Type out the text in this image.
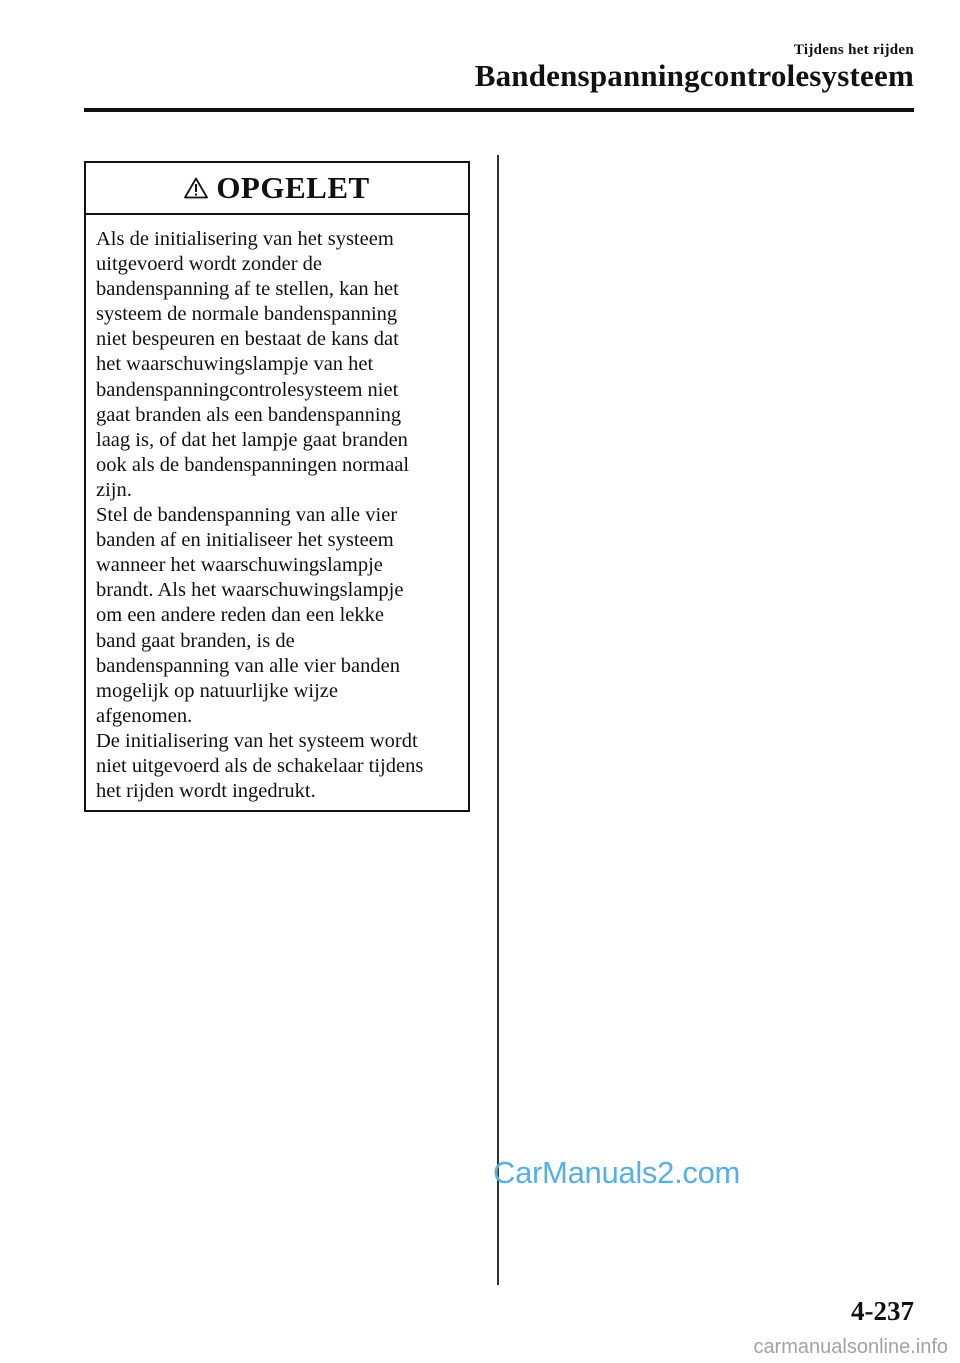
Tijdens het rijden
Bandenspanningcontrolesysteem
OPGELET

Als de initialisering van het systeem

uitgevoerd wordt zonder de

bandenspanning af te stellen, kan het

systeem de normale bandenspanning

niet bespeuren en bestaat de kans dat

het waarschuwingslampje van het

bandenspanningcontrolesysteem niet

gaat branden als een bandenspanning

laag is, of dat het lampje gaat branden

ook als de bandenspanningen normaal

zijn.

Stel de bandenspanning van alle vier

banden af en initialiseer het systeem

wanneer het waarschuwingslampje

brandt. Als het waarschuwingslampje

om een andere reden dan een lekke

band gaat branden, is de

bandenspanning van alle vier banden

mogelijk op natuurlijke wijze

afgenomen.

De initialisering van het systeem wordt

niet uitgevoerd als de schakelaar tijdens

het rijden wordt ingedrukt.

CarManuals2.com
4-237
carmanualsonline.info
